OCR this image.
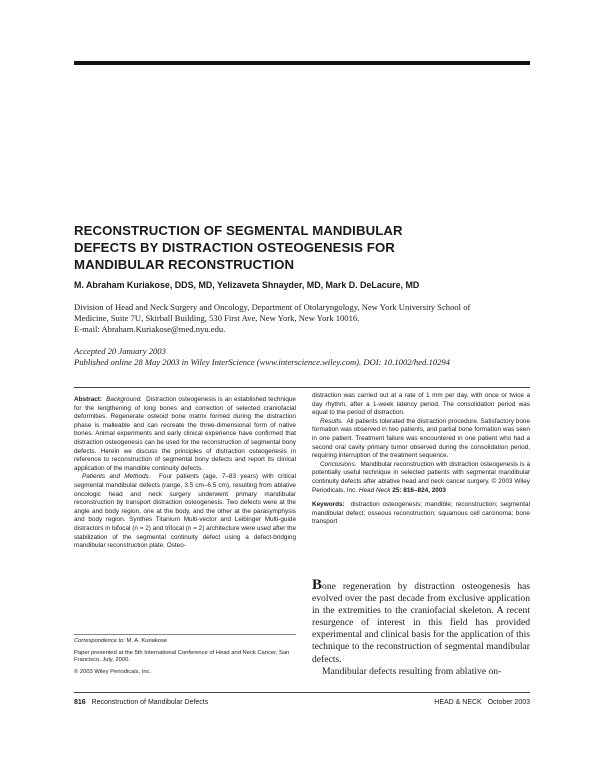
RECONSTRUCTION OF SEGMENTAL MANDIBULAR
DEFECTS BY DISTRACTION OSTEOGENESIS FOR
MANDIBULAR RECONSTRUCTION
M. Abraham Kuriakose, DDS, MD, Yelizaveta Shnayder, MD, Mark D. DeLacure, MD
Division of Head and Neck Surgery and Oncology, Department of Otolaryngology, New York University School of
Medicine, Suite 7U, Skirball Building, 530 First Ave, New York, New York 10016.
E-mail: Abraham.Kuriakose@med.nyu.edu.
Accepted 20 January 2003
Published online 28 May 2003 in Wiley InterScience (www.interscience.wiley.com). DOI: 10.1002/hed.10294

Abstract: Background. Distraction osteogenesis is an established technique for the lengthening of long bones and correction of selected craniofacial deformities. Regenerate osteoid bone matrix formed during the distraction phase is malleable and can recreate the three-dimensional form of native bones. Animal experiments and early clinical experience have confirmed that distraction osteogenesis can be used for the reconstruction of segmental bony defects. Herein we discuss the principles of distraction osteogenesis in reference to reconstruction of segmental bony defects and report its clinical application of the mandible continuity defects.

Patients and Methods. Four patients (age, 7–83 years) with critical segmental mandibular defects (range, 3.5 cm–6.5 cm), resulting from ablative oncologic head and neck surgery underwent primary mandibular reconstruction by transport distraction osteogenesis. Two defects were at the angle and body region, one at the body, and the other at the parasymphysis and body region. Synthes Titanium Multi-vector and Leibinger Multi-guide distractors in bifocal (n = 2) and trifocal (n = 2) architecture were used after the stabilization of the segmental continuity defect using a defect-bridging mandibular reconstruction plate. Osteo-

distraction was carried out at a rate of 1 mm per day, with once or twice a day rhythm, after a 1-week latency period. The consolidation period was equal to the period of distraction.

Results. All patients tolerated the distraction procedure. Satisfactory bone formation was observed in two patients, and partial bone formation was seen in one patient. Treatment failure was encountered in one patient who had a second oral cavity primary tumor observed during the consolidation period, requiring interruption of the treatment sequence.

Conclusions. Mandibular reconstruction with distraction osteogenesis is a potentially useful technique in selected patients with segmental mandibular continuity defects after ablative head and neck cancer surgery. © 2003 Wiley Periodicals, Inc. Head Neck 25: 816–824, 2003

Keywords: distraction osteogenesis; mandible; reconstruction; segmental mandibular defect; osseous reconstruction; squamous cell carcinoma; bone transport

Bone regeneration by distraction osteogenesis has evolved over the past decade from exclusive application in the extremities to the craniofacial skeleton. A recent resurgence of interest in this field has provided experimental and clinical basis for the application of this technique to the reconstruction of segmental mandibular defects.

Mandibular defects resulting from ablative on-

Correspondence to: M. A. Kuriakose

Paper presented at the 5th International Conference of Head and Neck Cancer, San Francisco, July, 2000.

© 2003 Wiley Periodicals, Inc.

816 Reconstruction of Mandibular Defects	HEAD & NECK October 2003
